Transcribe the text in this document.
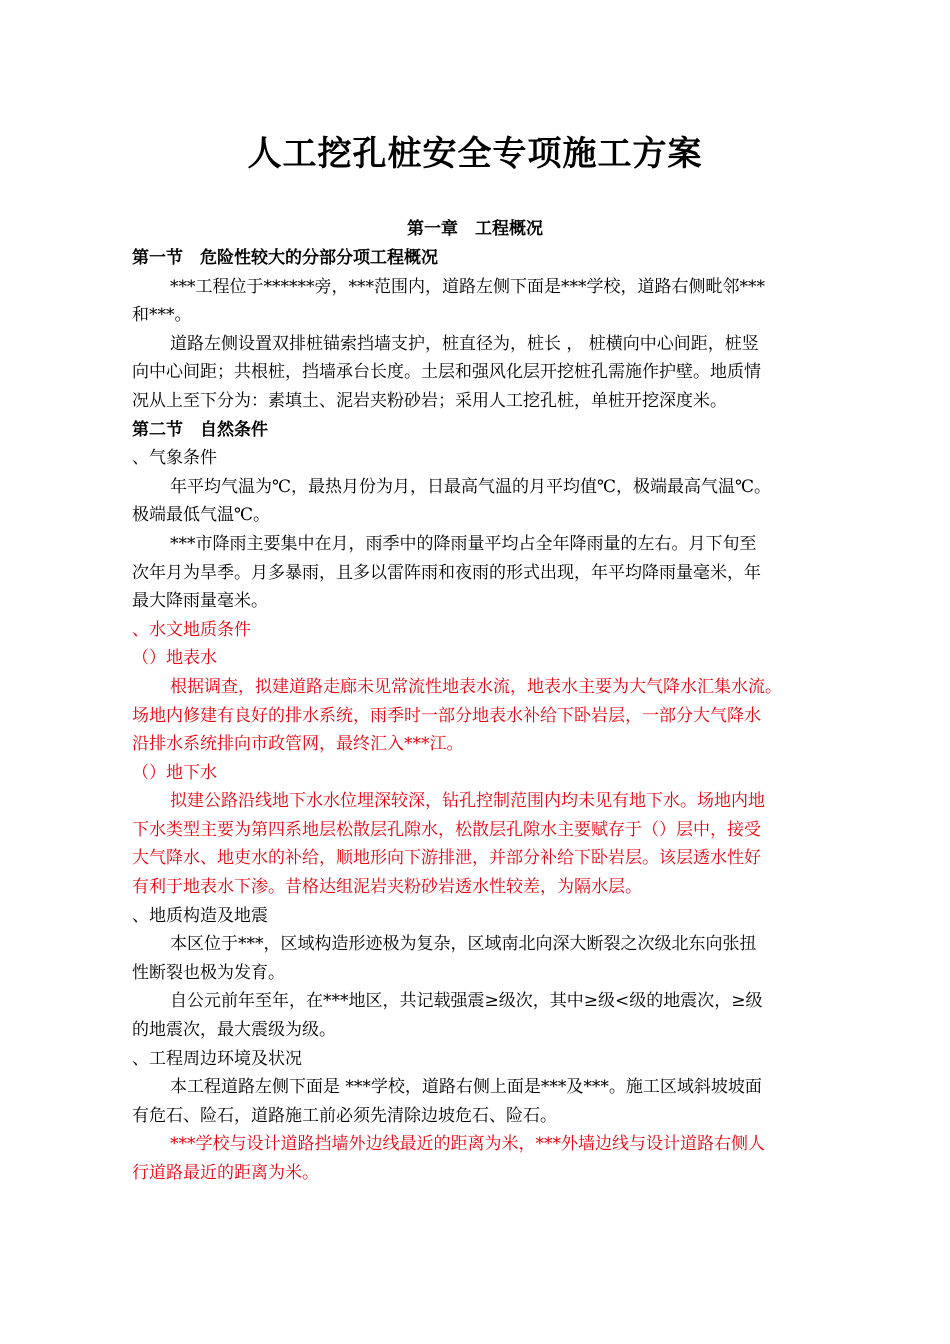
人工挖孔桩安全专项施工方案
第一章　工程概况
第一节　危险性较大的分部分项工程概况
***工程位于******旁，***范围内，道路左侧下面是***学校，道路右侧毗邻***
和***。
道路左侧设置双排桩锚索挡墙支护，桩直径为，桩长 ， 桩横向中心间距，桩竖
向中心间距；共根桩，挡墙承台长度。土层和强风化层开挖桩孔需施作护壁。地质情
况从上至下分为：素填土、泥岩夹粉砂岩；采用人工挖孔桩，单桩开挖深度米。
第二节　自然条件
、气象条件
年平均气温为℃，最热月份为月，日最高气温的月平均值℃，极端最高气温℃。
极端最低气温℃。
***市降雨主要集中在月，雨季中的降雨量平均占全年降雨量的左右。月下旬至
次年月为旱季。月多暴雨，且多以雷阵雨和夜雨的形式出现，年平均降雨量毫米，年
最大降雨量毫米。
、水文地质条件
（）地表水
根据调查，拟建道路走廊未见常流性地表水流，地表水主要为大气降水汇集水流。
场地内修建有良好的排水系统，雨季时一部分地表水补给下卧岩层，一部分大气降水
沿排水系统排向市政管网，最终汇入***江。
（）地下水
拟建公路沿线地下水水位埋深较深，钻孔控制范围内均未见有地下水。场地内地
下水类型主要为第四系地层松散层孔隙水，松散层孔隙水主要赋存于（）层中，接受
大气降水、地吏水的补给，顺地形向下游排泄，并部分补给下卧岩层。该层透水性好
有利于地表水下渗。昔格达组泥岩夹粉砂岩透水性较差，为隔水层。
、地质构造及地震
本区位于***，区域构造形迹极为复杂，区域南北向深大断裂之次级北东向张扭
性断裂也极为发育。
自公元前年至年，在***地区，共记载强震≥级次，其中≥级<级的地震次，≥级
的地震次，最大震级为级。
、工程周边环境及状况
本工程道路左侧下面是 ***学校，道路右侧上面是***及***。施工区域斜坡坡面
有危石、险石，道路施工前必须先清除边坡危石、险石。
***学校与设计道路挡墙外边线最近的距离为米，***外墙边线与设计道路右侧人
行道路最近的距离为米。
